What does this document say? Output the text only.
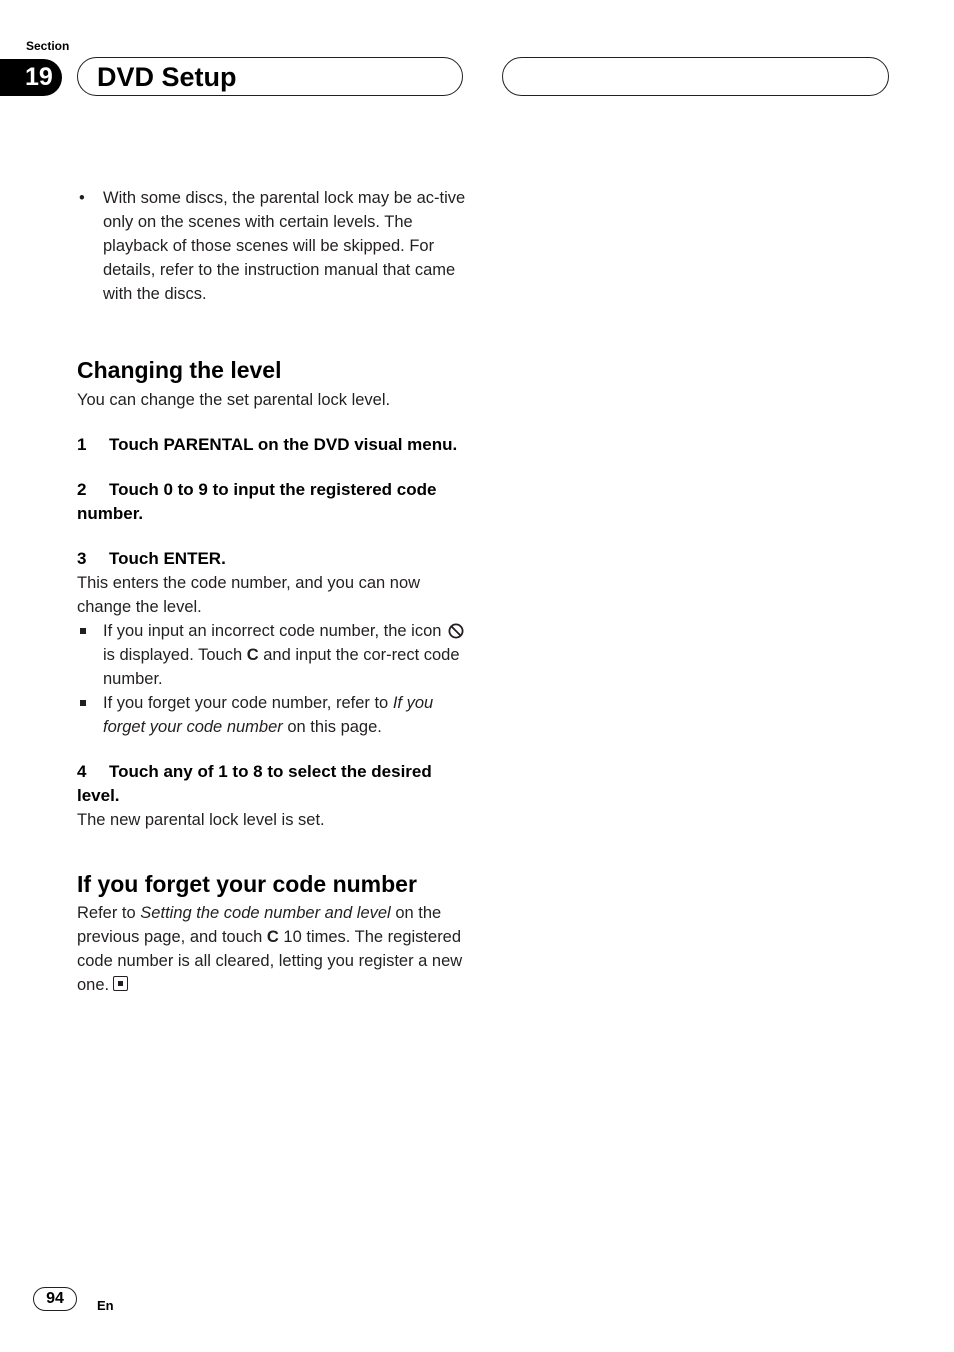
Section
19	DVD Setup
• With some discs, the parental lock may be ac-tive only on the scenes with certain levels. The playback of those scenes will be skipped. For details, refer to the instruction manual that came with the discs.
Changing the level
You can change the set parental lock level.
1 Touch PARENTAL on the DVD visual menu.
2 Touch 0 to 9 to input the registered code number.
3 Touch ENTER.
This enters the code number, and you can now change the level.
If you input an incorrect code number, the icon  is displayed. Touch C and input the cor-rect code number.
If you forget your code number, refer to If you forget your code number on this page.
4 Touch any of 1 to 8 to select the desired level.
The new parental lock level is set.
If you forget your code number
Refer to Setting the code number and level on the previous page, and touch C 10 times. The registered code number is all cleared, letting you register a new one.
94	En
